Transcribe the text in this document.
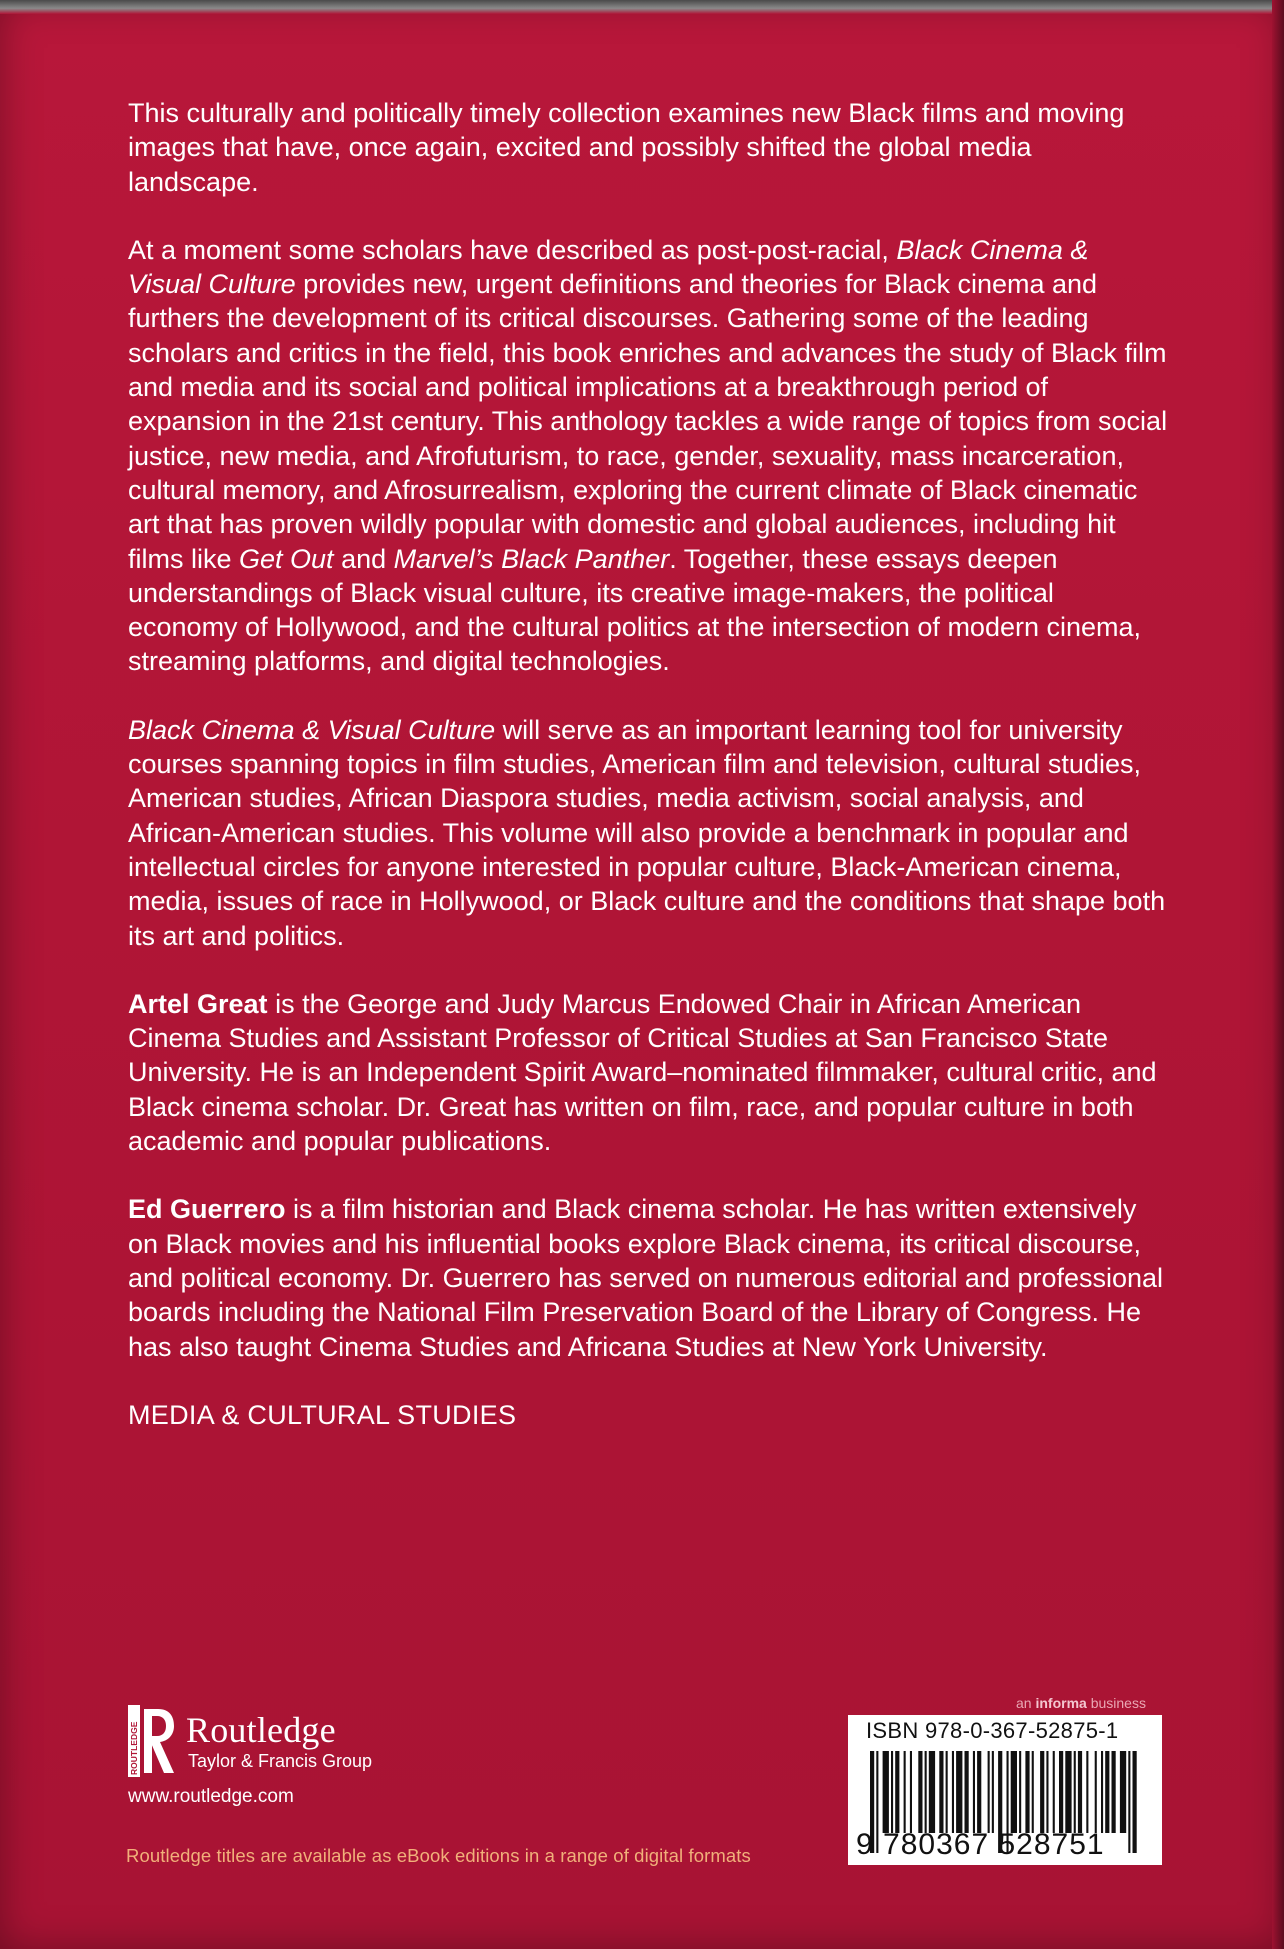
This culturally and politically timely collection examines new Black films and moving images that have, once again, excited and possibly shifted the global media landscape.

At a moment some scholars have described as post-post-racial, Black Cinema & Visual Culture provides new, urgent definitions and theories for Black cinema and furthers the development of its critical discourses. Gathering some of the leading scholars and critics in the field, this book enriches and advances the study of Black film and media and its social and political implications at a breakthrough period of expansion in the 21st century. This anthology tackles a wide range of topics from social justice, new media, and Afrofuturism, to race, gender, sexuality, mass incarceration, cultural memory, and Afrosurrealism, exploring the current climate of Black cinematic art that has proven wildly popular with domestic and global audiences, including hit films like Get Out and Marvel’s Black Panther. Together, these essays deepen understandings of Black visual culture, its creative image-makers, the political economy of Hollywood, and the cultural politics at the intersection of modern cinema, streaming platforms, and digital technologies.

Black Cinema & Visual Culture will serve as an important learning tool for university courses spanning topics in film studies, American film and television, cultural studies, American studies, African Diaspora studies, media activism, social analysis, and African-American studies. This volume will also provide a benchmark in popular and intellectual circles for anyone interested in popular culture, Black-American cinema, media, issues of race in Hollywood, or Black culture and the conditions that shape both its art and politics.

Artel Great is the George and Judy Marcus Endowed Chair in African American Cinema Studies and Assistant Professor of Critical Studies at San Francisco State University. He is an Independent Spirit Award–nominated filmmaker, cultural critic, and Black cinema scholar. Dr. Great has written on film, race, and popular culture in both academic and popular publications.

Ed Guerrero is a film historian and Black cinema scholar. He has written extensively on Black movies and his influential books explore Black cinema, its critical discourse, and political economy. Dr. Guerrero has served on numerous editorial and professional boards including the National Film Preservation Board of the Library of Congress. He has also taught Cinema Studies and Africana Studies at New York University.

MEDIA & CULTURAL STUDIES

ROUTLEDGE Routledge
Taylor & Francis Group
www.routledge.com
Routledge titles are available as eBook editions in a range of digital formats
an informa business
ISBN 978-0-367-52875-1
9 780367 528751
